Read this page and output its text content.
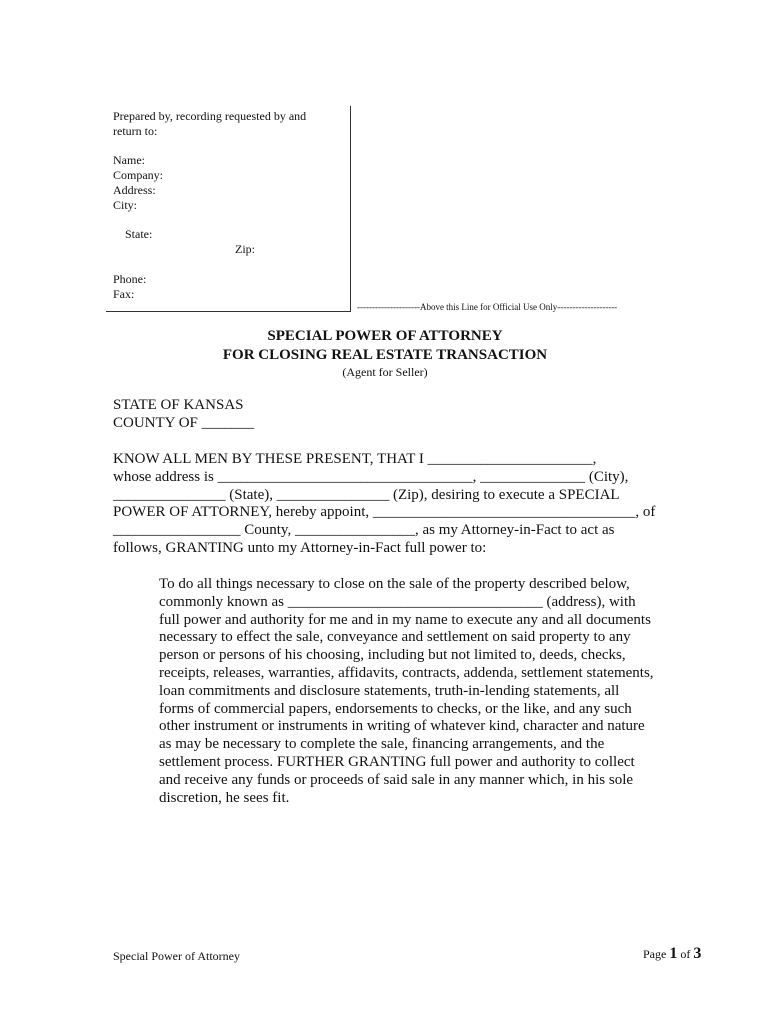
Prepared by, recording requested by and
return to:
Name:
Company:
Address:
City:

State:

Zip:

Phone:
Fax:
---------------------Above this Line for Official Use Only--------------------
SPECIAL POWER OF ATTORNEY
FOR CLOSING REAL ESTATE TRANSACTION
(Agent for Seller)
STATE OF KANSAS
COUNTY OF _______
KNOW ALL MEN BY THESE PRESENT, THAT I ______________________,
whose address is __________________________________, ______________ (City),
_______________ (State), _______________ (Zip), desiring to execute a SPECIAL
POWER OF ATTORNEY, hereby appoint, ___________________________________, of
_________________ County, ________________, as my Attorney-in-Fact to act as
follows, GRANTING unto my Attorney-in-Fact full power to:
To do all things necessary to close on the sale of the property described below,
commonly known as __________________________________ (address), with
full power and authority for me and in my name to execute any and all documents
necessary to effect the sale, conveyance and settlement on said property to any
person or persons of his choosing, including but not limited to, deeds, checks,
receipts, releases, warranties, affidavits, contracts, addenda, settlement statements,
loan commitments and disclosure statements, truth-in-lending statements, all
forms of commercial papers, endorsements to checks, or the like, and any such
other instrument or instruments in writing of whatever kind, character and nature
as may be necessary to complete the sale, financing arrangements, and the
settlement process. FURTHER GRANTING full power and authority to collect
and receive any funds or proceeds of said sale in any manner which, in his sole
discretion, he sees fit.
Special Power of Attorney	Page 1 of 3
